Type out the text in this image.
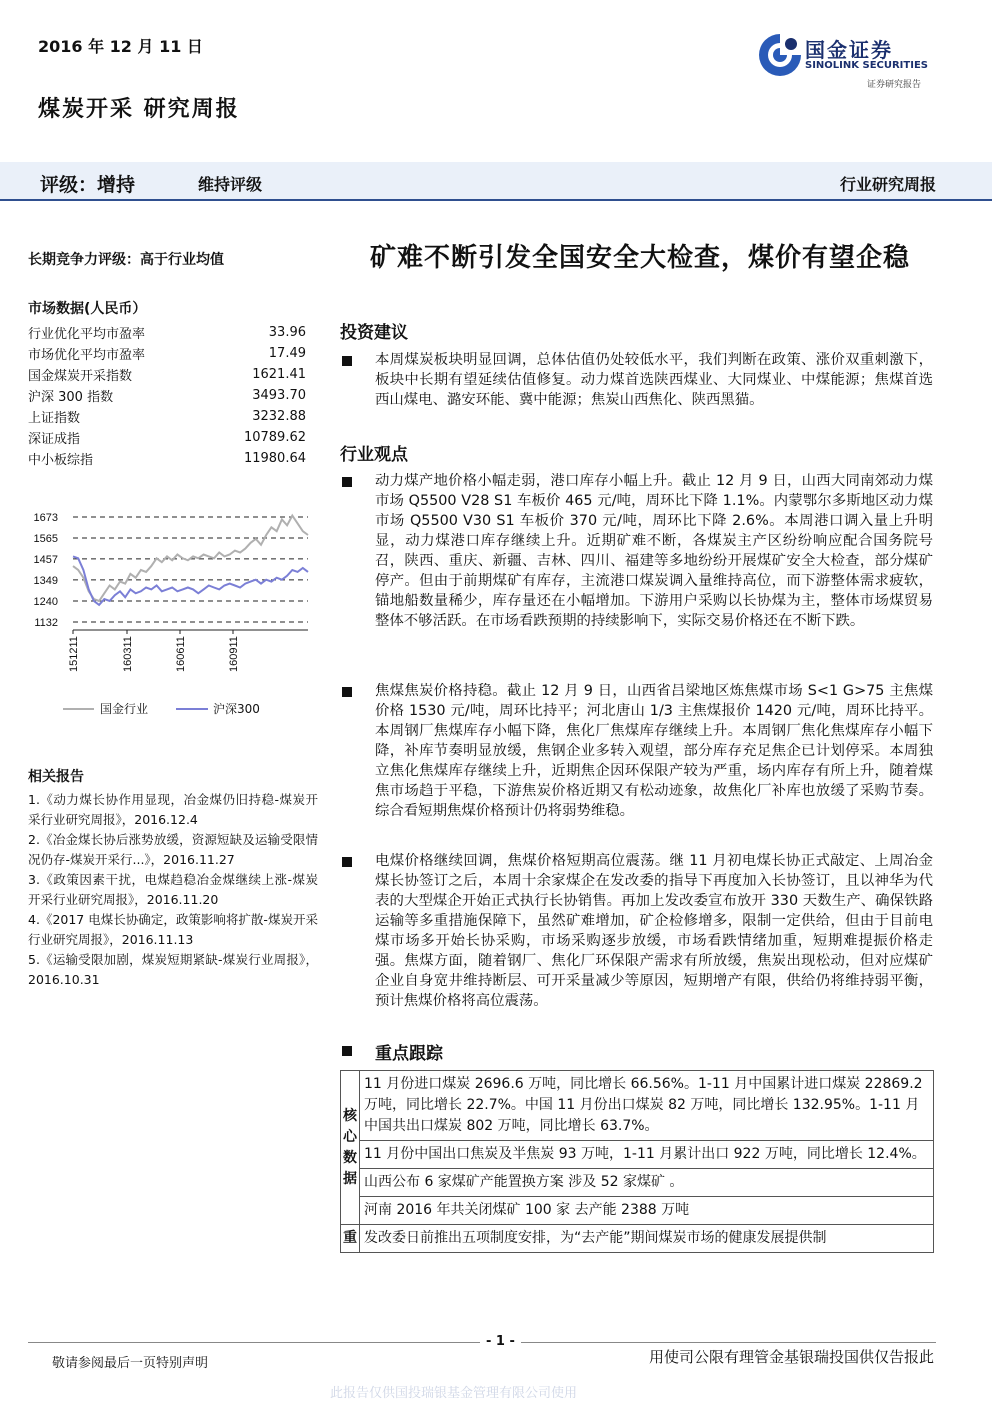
2016 年 12 月 11 日
煤炭开采 研究周报
国金证券
SINOLINK SECURITIES
证券研究报告
评级：增持	维持评级	行业研究周报
长期竞争力评级：高于行业均值
市场数据(人民币）
行业优化平均市盈率	33.96
市场优化平均市盈率	17.49
国金煤炭开采指数	1621.41
沪深 300 指数	3493.70
上证指数	3232.88
深证成指	10789.62
中小板综指	11980.64
1673
1565
1457
1349
1240
1132
151211	160311	160611	160911
国金行业	沪深300
相关报告
1.《动力煤长协作用显现，冶金煤仍旧持稳-煤炭开采行业研究周报》，2016.12.4
2.《冶金煤长协后涨势放缓，资源短缺及运输受限情况仍存-煤炭开采行...》，2016.11.27
3.《政策因素干扰，电煤趋稳冶金煤继续上涨-煤炭开采行业研究周报》，2016.11.20
4.《2017 电煤长协确定，政策影响将扩散-煤炭开采行业研究周报》，2016.11.13
5.《运输受限加剧，煤炭短期紧缺-煤炭行业周报》，2016.10.31
矿难不断引发全国安全大检查，煤价有望企稳
投资建议
本周煤炭板块明显回调，总体估值仍处较低水平，我们判断在政策、涨价双重刺激下，板块中长期有望延续估值修复。动力煤首选陕西煤业、大同煤业、中煤能源；焦煤首选西山煤电、潞安环能、冀中能源；焦炭山西焦化、陕西黑猫。
行业观点
动力煤产地价格小幅走弱，港口库存小幅上升。截止 12 月 9 日，山西大同南郊动力煤市场 Q5500 V28 S1 车板价 465 元/吨，周环比下降 1.1%。内蒙鄂尔多斯地区动力煤市场 Q5500 V30 S1 车板价 370 元/吨，周环比下降 2.6%。本周港口调入量上升明显，动力煤港口库存继续上升。近期矿难不断，各煤炭主产区纷纷响应配合国务院号召，陕西、重庆、新疆、吉林、四川、福建等多地纷纷开展煤矿安全大检查，部分煤矿停产。但由于前期煤矿有库存，主流港口煤炭调入量维持高位，而下游整体需求疲软，锚地船数量稀少，库存量还在小幅增加。下游用户采购以长协煤为主，整体市场煤贸易整体不够活跃。在市场看跌预期的持续影响下，实际交易价格还在不断下跌。
焦煤焦炭价格持稳。截止 12 月 9 日，山西省吕梁地区炼焦煤市场 S<1 G>75 主焦煤价格 1530 元/吨，周环比持平；河北唐山 1/3 主焦煤报价 1420 元/吨，周环比持平。本周钢厂焦煤库存小幅下降，焦化厂焦煤库存继续上升。本周钢厂焦化焦煤库存小幅下降，补库节奏明显放缓，焦钢企业多转入观望，部分库存充足焦企已计划停采。本周独立焦化焦煤库存继续上升，近期焦企因环保限产较为严重，场内库存有所上升，随着煤焦市场趋于平稳，下游焦炭价格近期又有松动迹象，故焦化厂补库也放缓了采购节奏。综合看短期焦煤价格预计仍将弱势维稳。
电煤价格继续回调，焦煤价格短期高位震荡。继 11 月初电煤长协正式敲定、上周冶金煤长协签订之后，本周十余家煤企在发改委的指导下再度加入长协签订，且以神华为代表的大型煤企开始正式执行长协销售。再加上发改委宣布放开 330 天数生产、确保铁路运输等多重措施保障下，虽然矿难增加，矿企检修增多，限制一定供给，但由于目前电煤市场多开始长协采购，市场采购逐步放缓，市场看跌情绪加重，短期难提振价格走强。焦煤方面，随着钢厂、焦化厂环保限产需求有所放缓，焦炭出现松动，但对应煤矿企业自身宽井维持断层、可开采量减少等原因，短期增产有限，供给仍将维持弱平衡，预计焦煤价格将高位震荡。
重点跟踪
核心数据	11 月份进口煤炭 2696.6 万吨，同比增长 66.56%。1-11 月中国累计进口煤炭 22869.2 万吨，同比增长 22.7%。中国 11 月份出口煤炭 82 万吨，同比增长 132.95%。1-11 月中国共出口煤炭 802 万吨，同比增长 63.7%。
	11 月份中国出口焦炭及半焦炭 93 万吨，1-11 月累计出口 922 万吨，同比增长 12.4%。
	山西公布 6 家煤矿产能置换方案 涉及 52 家煤矿 。
	河南 2016 年共关闭煤矿 100 家 去产能 2388 万吨
重	发改委日前推出五项制度安排，为“去产能”期间煤炭市场的健康发展提供制
- 1 -
敬请参阅最后一页特别声明	用使司公限有理管金基银瑞投国供仅告报此
此报告仅供国投瑞银基金管理有限公司使用
